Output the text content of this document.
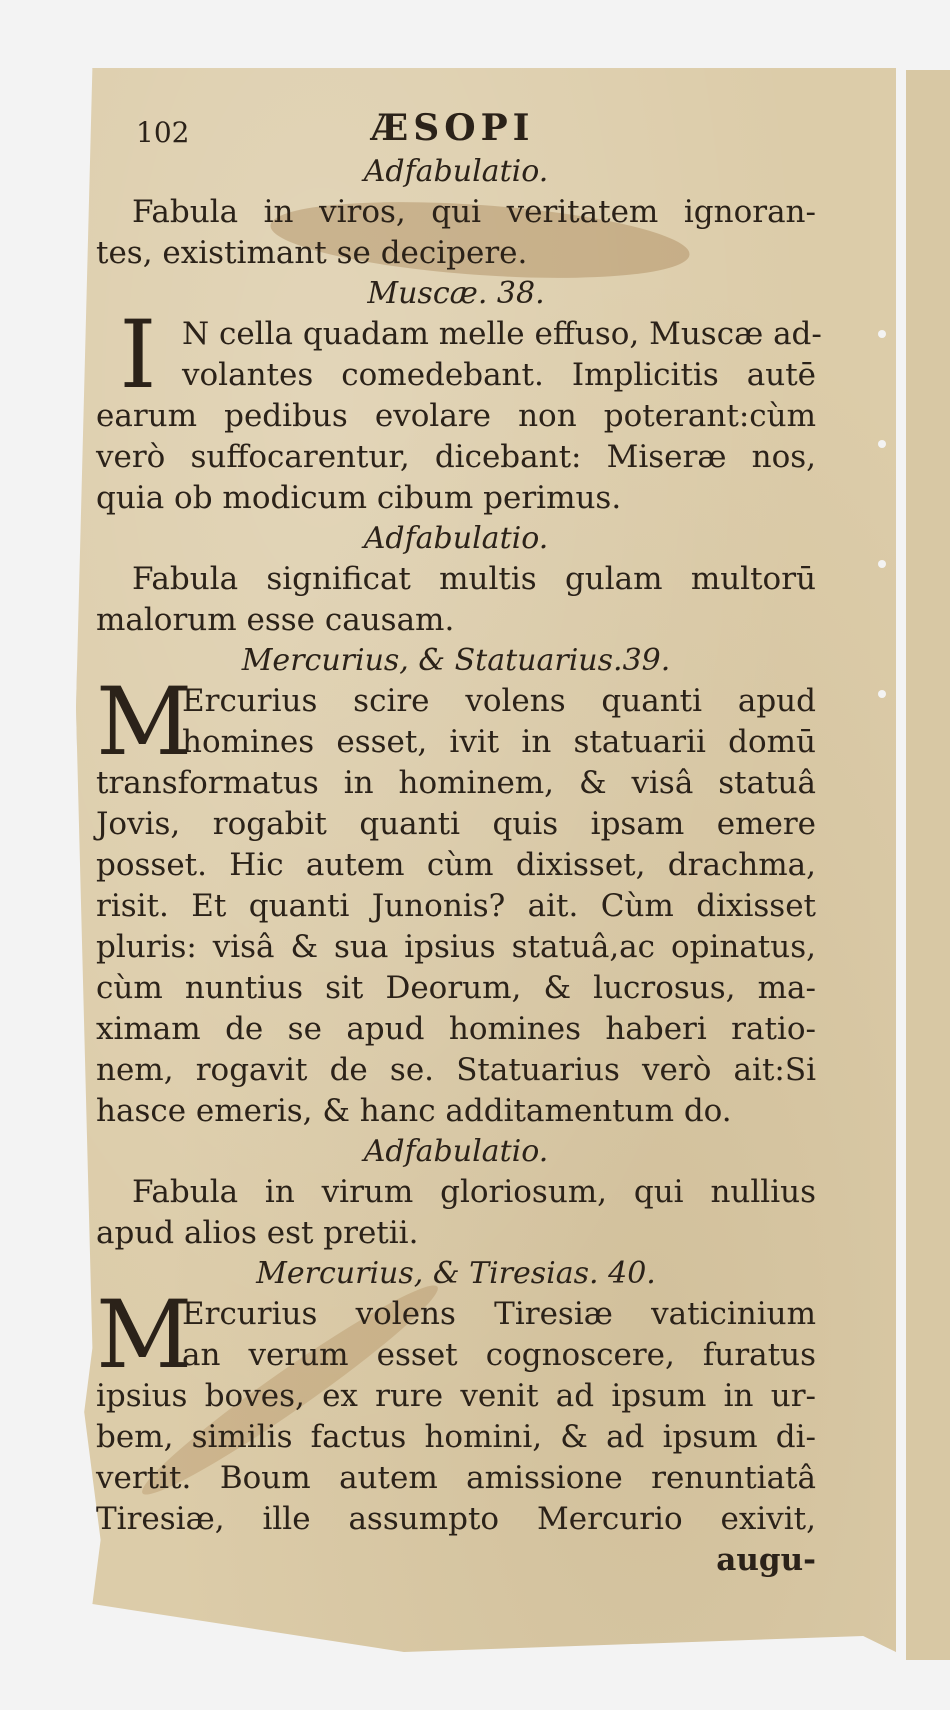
102	ÆSOPI
Adfabulatio.
Fabula in viros, qui veritatem ignoran-
tes, existimant se decipere.
Muscæ. 38.
I N cella quadam melle effuso, Muscæ ad-
volantes comedebant. Implicitis autē
earum pedibus evolare non poterant:cùm
verò suffocarentur, dicebant: Miseræ nos,
quia ob modicum cibum perimus.
Adfabulatio.
Fabula significat multis gulam multorū
malorum esse causam.
Mercurius, & Statuarius.39.
M
Ercurius scire volens quanti apud
homines esset, ivit in statuarii domū
transformatus in hominem, & visâ statuâ
Jovis, rogabit quanti quis ipsam emere
posset. Hic autem cùm dixisset, drachma,
risit. Et quanti Junonis? ait. Cùm dixisset
pluris: visâ & sua ipsius statuâ,ac opinatus,
cùm nuntius sit Deorum, & lucrosus, ma-
ximam de se apud homines haberi ratio-
nem, rogavit de se. Statuarius verò ait:Si
hasce emeris, & hanc additamentum do.
Adfabulatio.
Fabula in virum gloriosum, qui nullius
apud alios est pretii.
Mercurius, & Tiresias. 40.
M
Ercurius volens Tiresiæ vaticinium
an verum esset cognoscere, furatus
ipsius boves, ex rure venit ad ipsum in ur-
bem, similis factus homini, & ad ipsum di-
vertit. Boum autem amissione renuntiatâ
Tiresiæ, ille assumpto Mercurio exivit,
augu-
